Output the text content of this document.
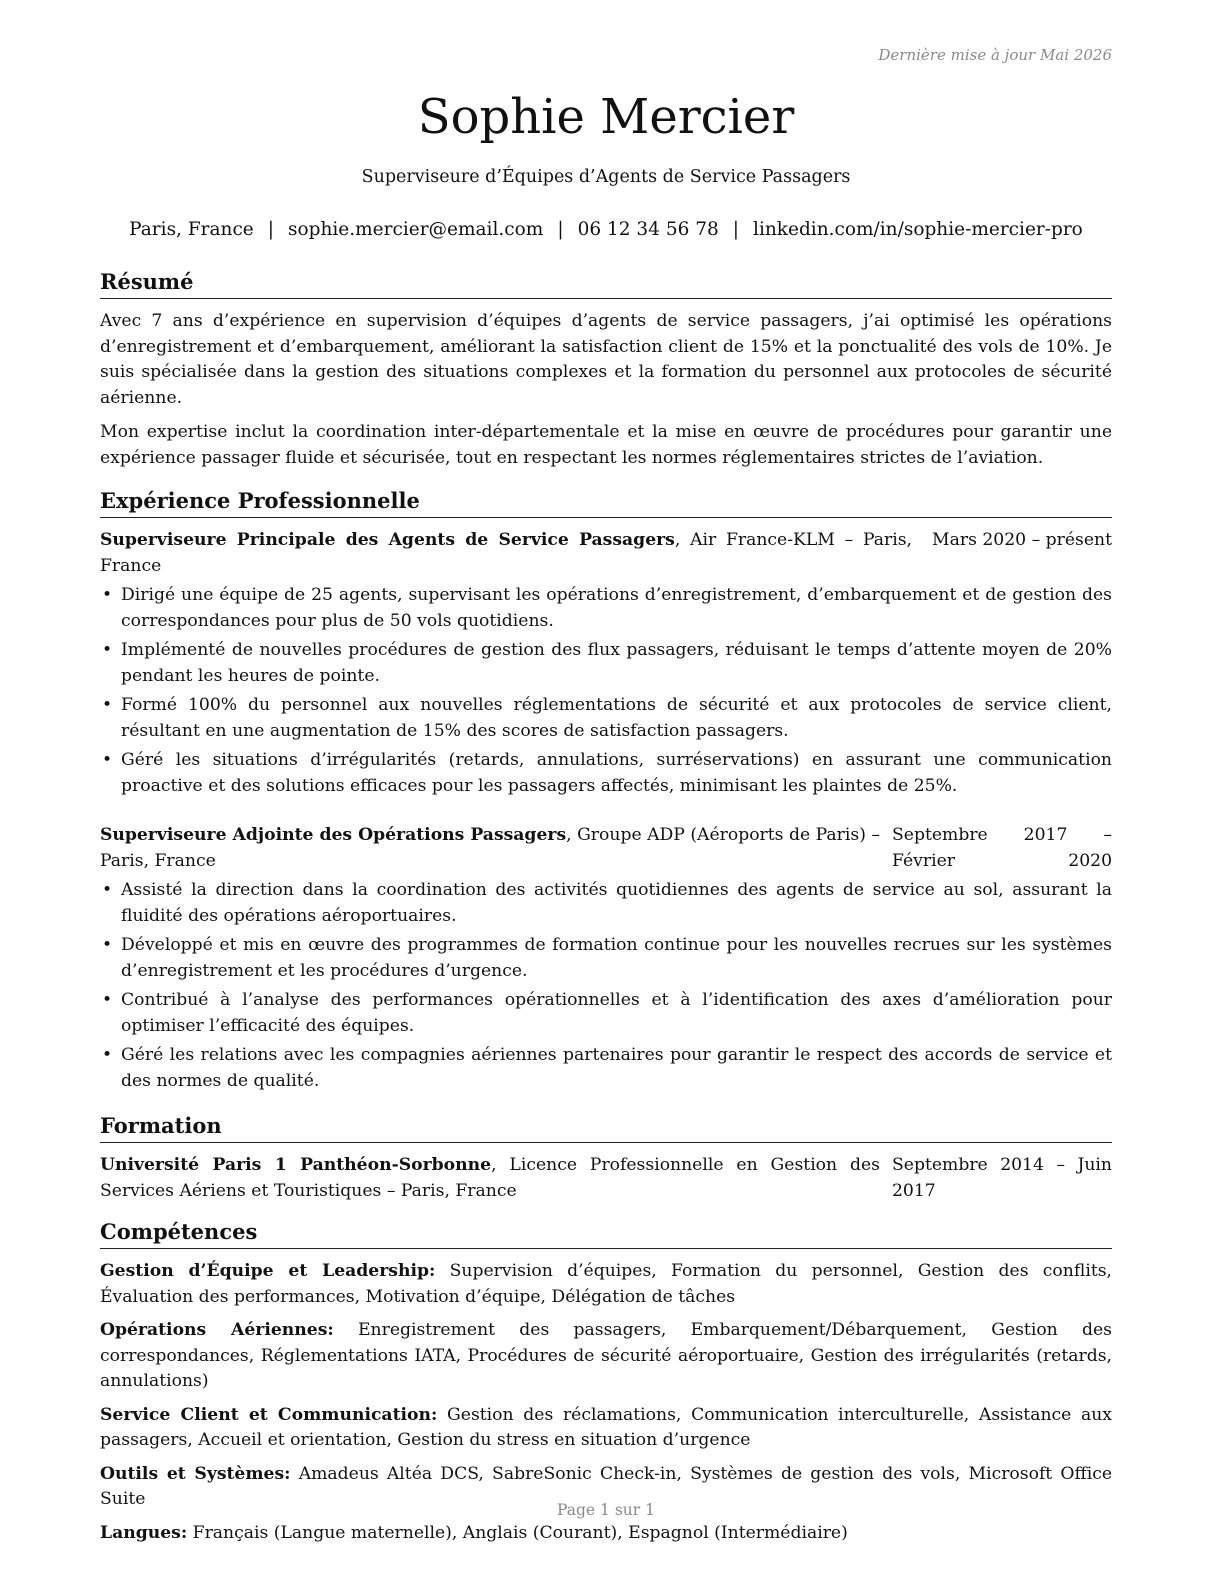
Dernière mise à jour Mai 2026
Sophie Mercier
Superviseure d’Équipes d’Agents de Service Passagers
Paris, France | sophie.mercier@email.com | 06 12 34 56 78 | linkedin.com/in/sophie-mercier-pro
Résumé

Avec 7 ans d’expérience en supervision d’équipes d’agents de service passagers, j’ai optimisé les opérations d’enregistrement et d’embarquement, améliorant la satisfaction client de 15% et la ponctualité des vols de 10%. Je suis spécialisée dans la gestion des situations complexes et la formation du personnel aux protocoles de sécurité aérienne.

Mon expertise inclut la coordination inter-départementale et la mise en œuvre de procédures pour garantir une expérience passager fluide et sécurisée, tout en respectant les normes réglementaires strictes de l’aviation.

Expérience Professionnelle
Superviseure Principale des Agents de Service Passagers, Air France-KLM – Paris, France
Mars 2020 – présent
• Dirigé une équipe de 25 agents, supervisant les opérations d’enregistrement, d’embarquement et de gestion des correspondances pour plus de 50 vols quotidiens.
• Implémenté de nouvelles procédures de gestion des flux passagers, réduisant le temps d’attente moyen de 20% pendant les heures de pointe.
• Formé 100% du personnel aux nouvelles réglementations de sécurité et aux protocoles de service client, résultant en une augmentation de 15% des scores de satisfaction passagers.
• Géré les situations d’irrégularités (retards, annulations, surréservations) en assurant une communication proactive et des solutions efficaces pour les passagers affectés, minimisant les plaintes de 25%.
Superviseure Adjointe des Opérations Passagers, Groupe ADP (Aéroports de Paris) – Paris, France
Septembre 2017 – Février 2020
• Assisté la direction dans la coordination des activités quotidiennes des agents de service au sol, assurant la fluidité des opérations aéroportuaires.
• Développé et mis en œuvre des programmes de formation continue pour les nouvelles recrues sur les systèmes d’enregistrement et les procédures d’urgence.
• Contribué à l’analyse des performances opérationnelles et à l’identification des axes d’amélioration pour optimiser l’efficacité des équipes.
• Géré les relations avec les compagnies aériennes partenaires pour garantir le respect des accords de service et des normes de qualité.
Formation
Université Paris 1 Panthéon-Sorbonne, Licence Professionnelle en Gestion des Services Aériens et Touristiques – Paris, France
Septembre 2014 – Juin 2017
Compétences

Gestion d’Équipe et Leadership: Supervision d’équipes, Formation du personnel, Gestion des conflits, Évaluation des performances, Motivation d’équipe, Délégation de tâches

Opérations Aériennes: Enregistrement des passagers, Embarquement/Débarquement, Gestion des correspondances, Réglementations IATA, Procédures de sécurité aéroportuaire, Gestion des irrégularités (retards, annulations)

Service Client et Communication: Gestion des réclamations, Communication interculturelle, Assistance aux passagers, Accueil et orientation, Gestion du stress en situation d’urgence

Outils et Systèmes: Amadeus Altéa DCS, SabreSonic Check-in, Systèmes de gestion des vols, Microsoft Office Suite

Langues: Français (Langue maternelle), Anglais (Courant), Espagnol (Intermédiaire)

Page 1 sur 1
